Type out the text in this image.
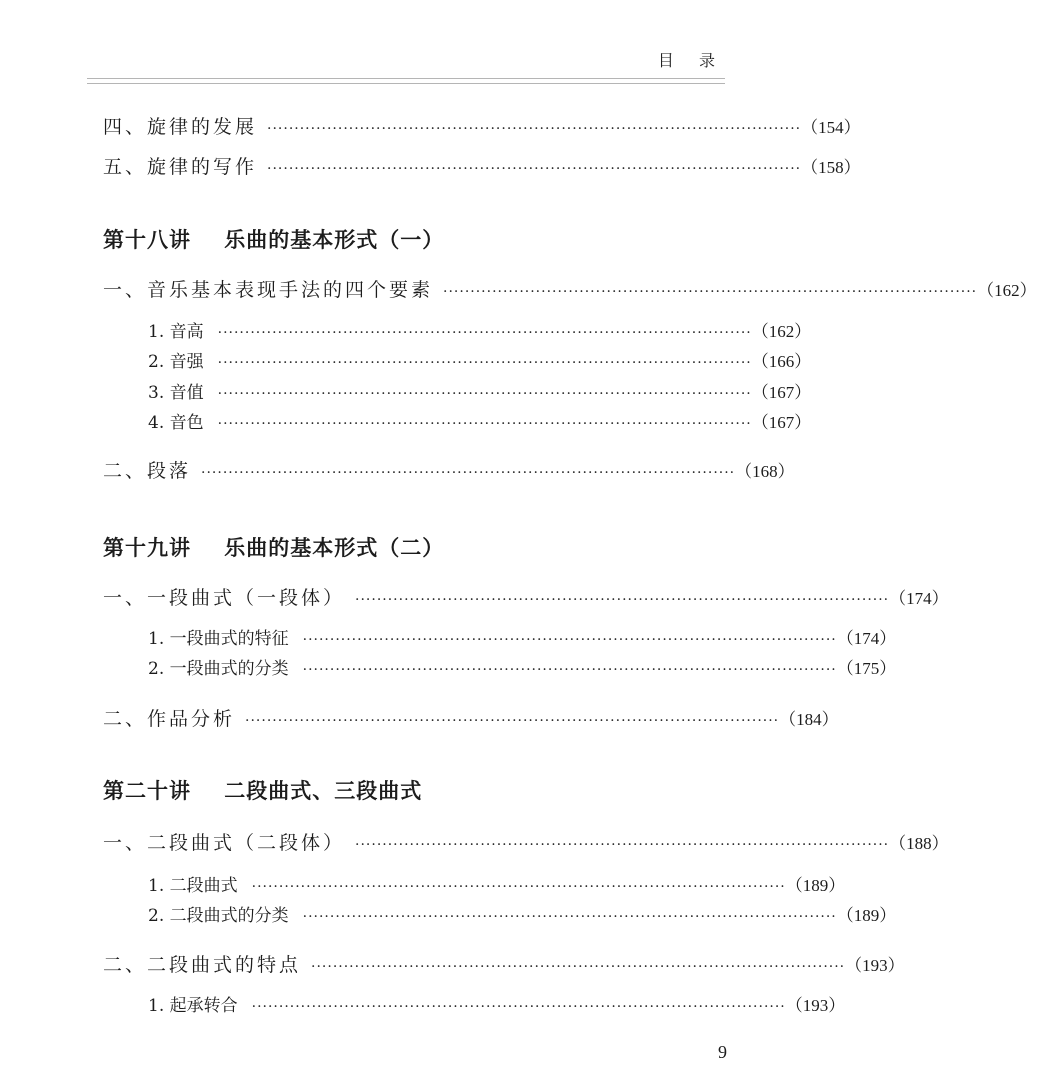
目 录
四、旋律的发展 ·································································································· （154）
五、旋律的写作 ·································································································· （158）
第十八讲    乐曲的基本形式（一）
一、音乐基本表现手法的四个要素 ·································································································· （162）
1. 音高	·································································································· （162）
2. 音强	·································································································· （166）
3. 音值	·································································································· （167）
4. 音色	·································································································· （167）
二、段落 ·································································································· （168）
第十九讲    乐曲的基本形式（二）
一、一段曲式（一段体） ·································································································· （174）
1. 一段曲式的特征	·································································································· （174）
2. 一段曲式的分类	·································································································· （175）
二、作品分析 ·································································································· （184）
第二十讲    二段曲式、三段曲式
一、二段曲式（二段体） ·································································································· （188）
1. 二段曲式	·································································································· （189）
2. 二段曲式的分类	·································································································· （189）
二、二段曲式的特点 ·································································································· （193）
1. 起承转合	·································································································· （193）
9
